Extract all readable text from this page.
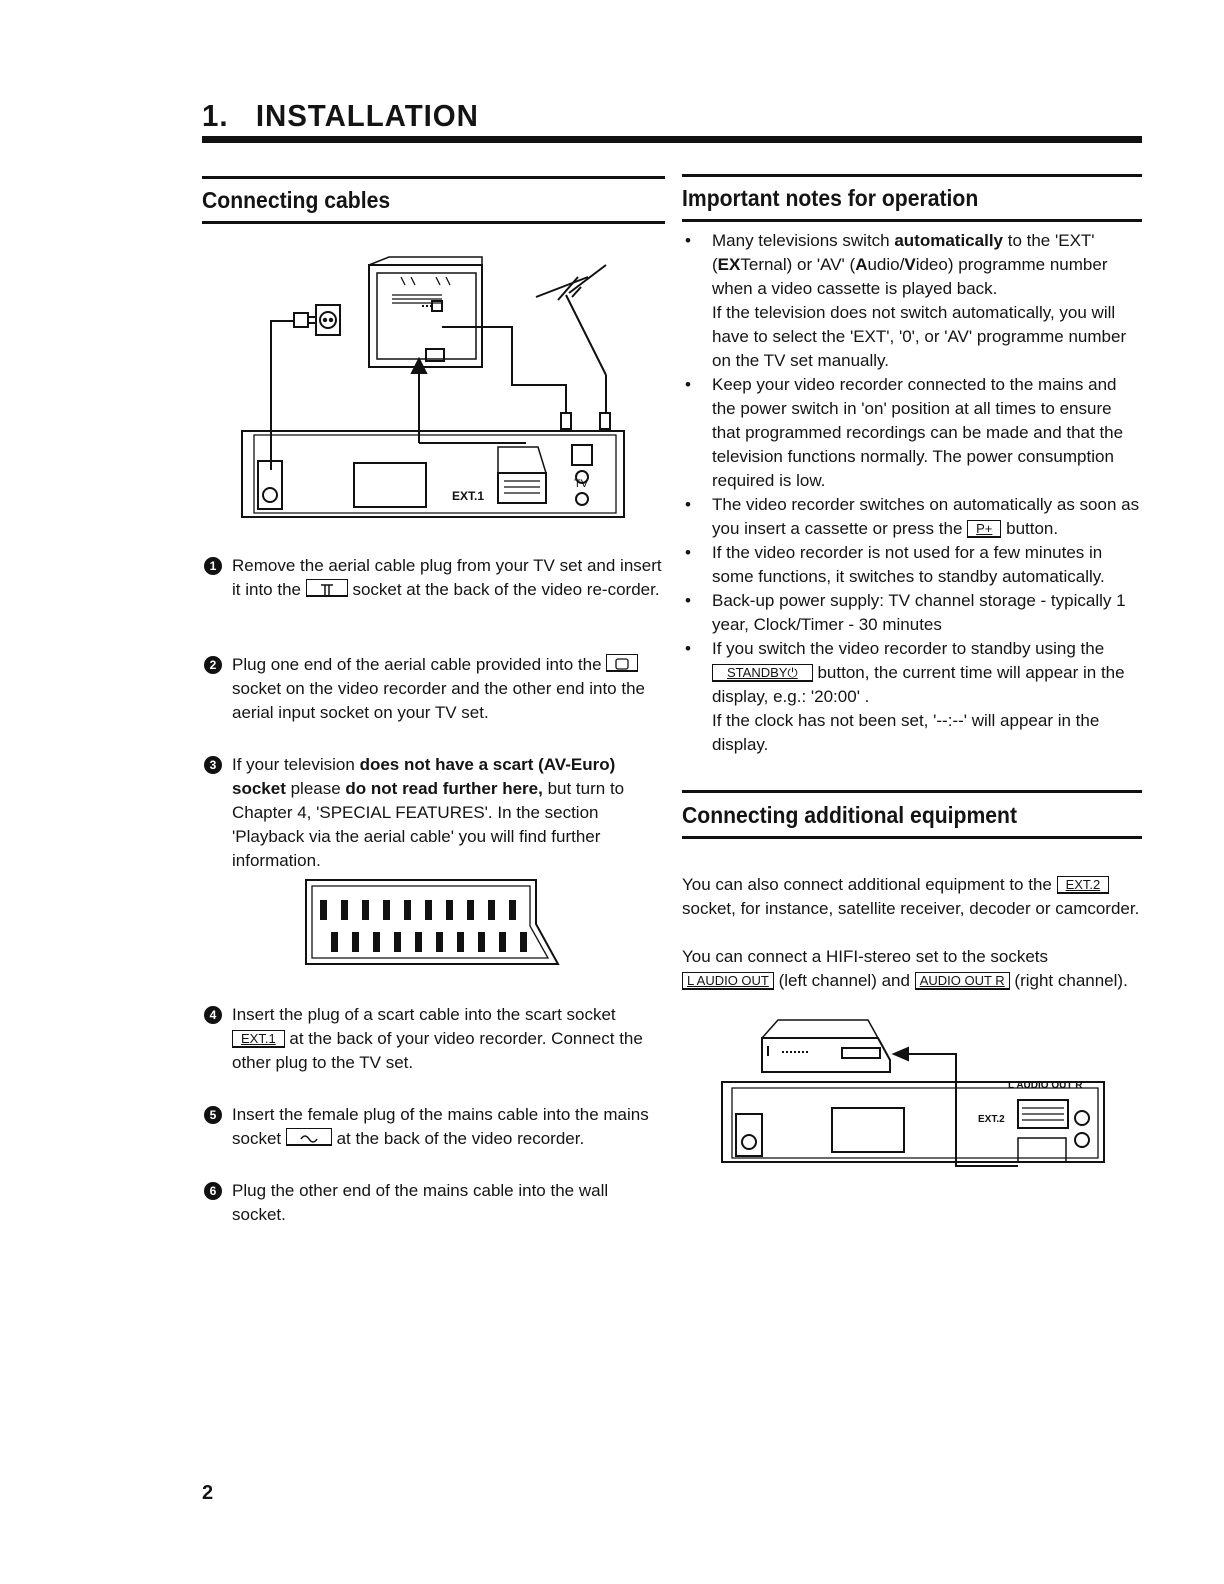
1. INSTALLATION
Connecting cables
EXT.1
TV
1 Remove the aerial cable plug from your TV set and insert it into the  socket at the back of the video re-corder.
2 Plug one end of the aerial cable provided into the  socket on the video recorder and the other end into the aerial input socket on your TV set.
3 If your television does not have a scart (AV-Euro) socket please do not read further here, but turn to Chapter 4, 'SPECIAL FEATURES'. In the section 'Playback via the aerial cable' you will find further information.
4 Insert the plug of a scart cable into the scart socket EXT.1 at the back of your video recorder. Connect the other plug to the TV set.
5 Insert the female plug of the mains cable into the mains socket	at the back of the video recorder.
6 Plug the other end of the mains cable into the wall socket.
Important notes for operation
• Many televisions switch automatically to the 'EXT' (EXTernal) or 'AV' (Audio/Video) programme number when a video cassette is played back.
If the television does not switch automatically, you will have to select the 'EXT', '0', or 'AV' programme number on the TV set manually.
• Keep your video recorder connected to the mains and the power switch in 'on' position at all times to ensure that programmed recordings can be made and that the television functions normally. The power consumption required is low.
• The video recorder switches on automatically as soon as you insert a cassette or press the P+ button.
• If the video recorder is not used for a few minutes in some functions, it switches to standby automatically.
• Back-up power supply: TV channel storage - typically 1 year, Clock/Timer - 30 minutes
• If you switch the video recorder to standby using the STANDBY⏻ button, the current time will appear in the display, e.g.: '20:00' .
If the clock has not been set, '--:--' will appear in the display.
Connecting additional equipment
You can also connect additional equipment to the EXT.2 socket, for instance, satellite receiver, decoder or camcorder.
You can connect a HIFI-stereo set to the sockets L AUDIO OUT (left channel) and AUDIO OUT R (right channel).
L AUDIO OUT R
EXT.2
2
